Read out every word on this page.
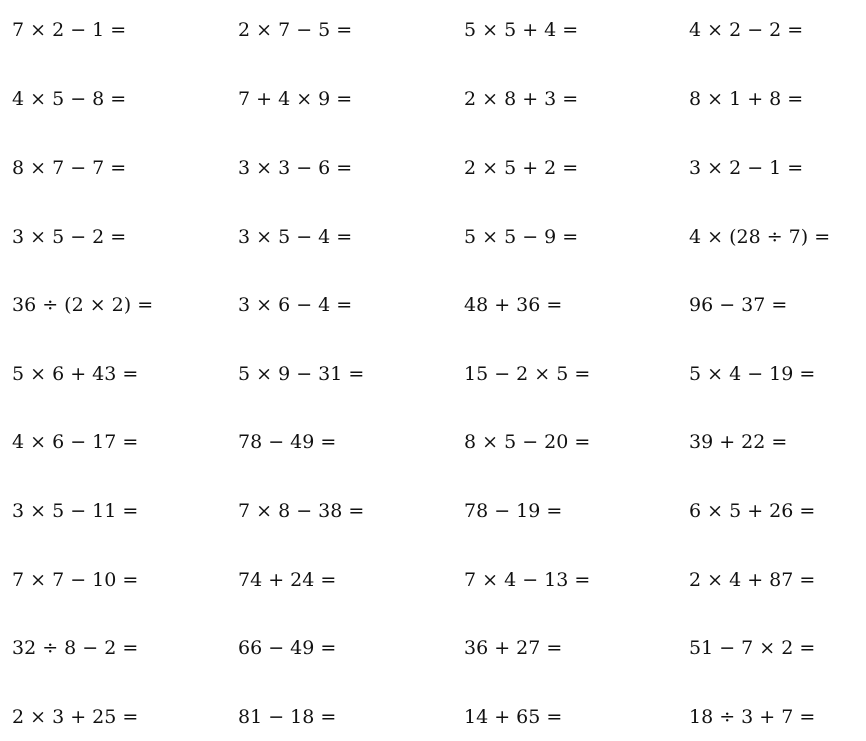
7 × 2 − 1 =	2 × 7 − 5 =	5 × 5 + 4 =	4 × 2 − 2 =
4 × 5 − 8 =	7 + 4 × 9 =	2 × 8 + 3 =	8 × 1 + 8 =
8 × 7 − 7 =	3 × 3 − 6 =	2 × 5 + 2 =	3 × 2 − 1 =
3 × 5 − 2 =	3 × 5 − 4 =	5 × 5 − 9 =	4 × (28 ÷ 7) =
36 ÷ (2 × 2) =	3 × 6 − 4 =	48 + 36 =	96 − 37 =
5 × 6 + 43 =	5 × 9 − 31 =	15 − 2 × 5 =	5 × 4 − 19 =
4 × 6 − 17 =	78 − 49 =	8 × 5 − 20 =	39 + 22 =
3 × 5 − 11 =	7 × 8 − 38 =	78 − 19 =	6 × 5 + 26 =
7 × 7 − 10 =	74 + 24 =	7 × 4 − 13 =	2 × 4 + 87 =
32 ÷ 8 − 2 =	66 − 49 =	36 + 27 =	51 − 7 × 2 =
2 × 3 + 25 =	81 − 18 =	14 + 65 =	18 ÷ 3 + 7 =
